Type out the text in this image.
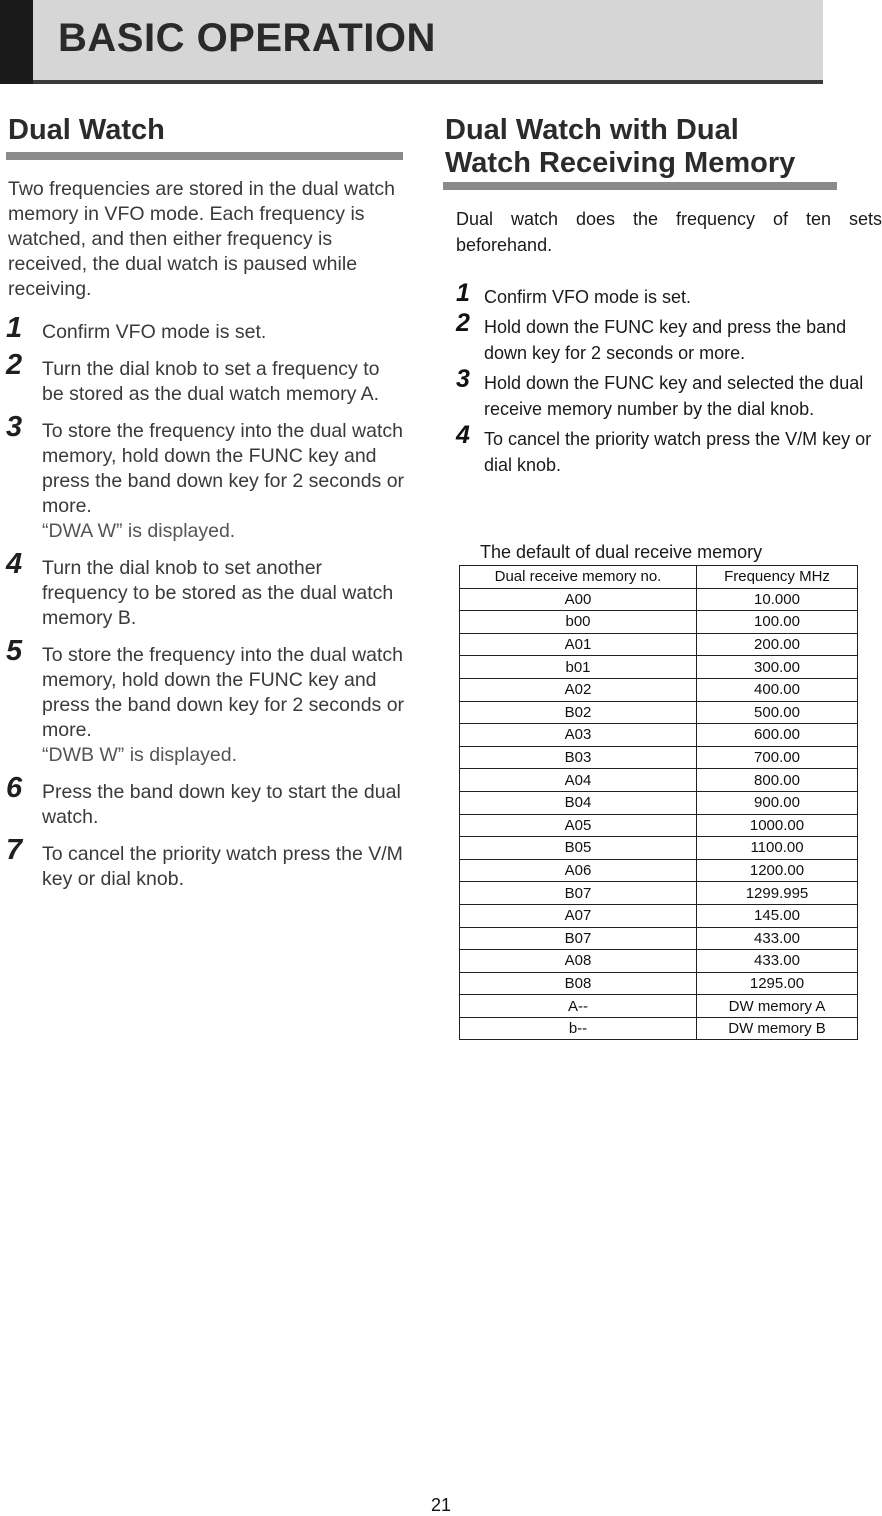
BASIC OPERATION
Dual Watch
Two frequencies are stored in the dual watch memory in VFO mode. Each frequency is watched, and then either frequency is received, the dual watch is paused while receiving.
1 Confirm VFO mode is set.
2 Turn the dial knob to set a frequency to be stored as the dual watch memory A.
3 To store the frequency into the dual watch memory, hold down the FUNC key and press the band down key for 2 seconds or more.
“DWA W” is displayed.
4 Turn the dial knob to set another frequency to be stored as the dual watch memory B.
5 To store the frequency into the dual watch memory, hold down the FUNC key and press the band down key for 2 seconds or more.
“DWB W” is displayed.
6 Press the band down key to start the dual watch.
7 To cancel the priority watch press the V/M key or dial knob.
Dual Watch with Dual
Watch Receiving Memory
Dual watch does the frequency of ten sets beforehand.
1 Confirm VFO mode is set.
2 Hold down the FUNC key and press the band down key for 2 seconds or more.
3 Hold down the FUNC key and selected the dual receive memory number by the dial knob.
4 To cancel the priority watch press the V/M key or dial knob.
The default of dual receive memory
Dual receive memory no.	Frequency MHz
A00	10.000
b00	100.00
A01	200.00
b01	300.00
A02	400.00
B02	500.00
A03	600.00
B03	700.00
A04	800.00
B04	900.00
A05	1000.00
B05	1100.00
A06	1200.00
B07	1299.995
A07	145.00
B07	433.00
A08	433.00
B08	1295.00
A--	DW memory A
b--	DW memory B
21
